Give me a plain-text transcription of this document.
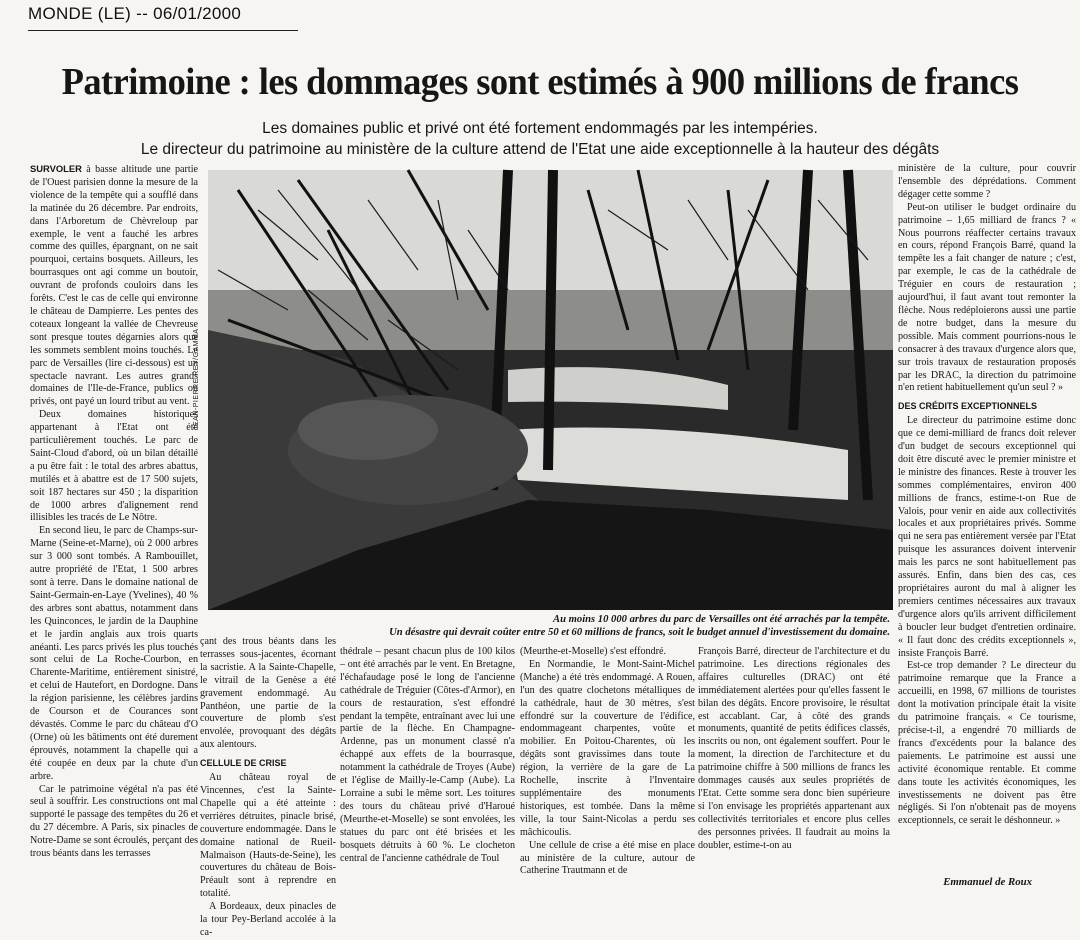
MONDE (LE) -- 06/01/2000
Patrimoine : les dommages sont estimés à 900 millions de francs
Les domaines public et privé ont été fortement endommagés par les intempéries.
Le directeur du patrimoine au ministère de la culture attend de l'Etat une aide exceptionnelle à la hauteur des dégâts

SURVOLER à basse altitude une partie de l'Ouest parisien donne la mesure de la violence de la tempête qui a soufflé dans la matinée du 26 décembre. Par endroits, dans l'Arboretum de Chèvreloup par exemple, le vent a fauché les arbres comme des quilles, épargnant, on ne sait pourquoi, certains bosquets. Ailleurs, les bourrasques ont agi comme un boutoir, ouvrant de profonds couloirs dans les forêts. C'est le cas de celle qui environne le château de Dampierre. Les pentes des coteaux longeant la vallée de Chevreuse sont presque toutes dégarnies alors que les sommets semblent moins touchés. Le parc de Versailles (lire ci-dessous) est un spectacle navrant. Les autres grands domaines de l'Ile-de-France, publics ou privés, ont payé un lourd tribut au vent.

Deux domaines historiques appartenant à l'Etat ont été particulièrement touchés. Le parc de Saint-Cloud d'abord, où un bilan détaillé a pu être fait : le total des arbres abattus, mutilés et à abattre est de 17 500 sujets, soit 187 hectares sur 450 ; la disparition de 1000 arbres d'alignement rend illisibles les tracés de Le Nôtre.

En second lieu, le parc de Champs-sur-Marne (Seine-et-Marne), où 2 000 arbres sur 3 000 sont tombés. A Rambouillet, autre propriété de l'Etat, 1 500 arbres sont à terre. Dans le domaine national de Saint-Germain-en-Laye (Yvelines), 40 % des arbres sont abattus, notamment dans les Quinconces, le jardin de la Dauphine et le jardin anglais aux trois quarts anéanti. Les parcs privés les plus touchés sont celui de La Roche-Courbon, en Charente-Maritime, entièrement sinistré, et celui de Hautefort, en Dordogne. Dans la région parisienne, les célèbres jardins de Courson et de Courances sont dévastés. Comme le parc du château d'O (Orne) où les bâtiments ont été durement éprouvés, notamment la chapelle qui a été coupée en deux par la chute d'un arbre.

Car le patrimoine végétal n'a pas été seul à souffrir. Les constructions ont mal supporté le passage des tempêtes du 26 et du 27 décembre. A Paris, six pinacles de Notre-Dame se sont écroulés, perçant des trous béants dans les terrasses

JEAN-PIERRE REY/GAMMA
Au moins 10 000 arbres du parc de Versailles ont été arrachés par la tempête.
Un désastre qui devrait coûter entre 50 et 60 millions de francs, soit le budget annuel d'investissement du domaine.

çant des trous béants dans les terrasses sous-jacentes, écornant la sacristie. A la Sainte-Chapelle, le vitrail de la Genèse a été gravement endommagé. Au Panthéon, une partie de la couverture de plomb s'est envolée, provoquant des dégâts aux alentours.

CELLULE DE CRISE

Au château royal de Vincennes, c'est la Sainte-Chapelle qui a été atteinte : verrières détruites, pinacle brisé, couverture endommagée. Dans le domaine national de Rueil-Malmaison (Hauts-de-Seine), les couvertures du château de Bois-Préault sont à reprendre en totalité.

A Bordeaux, deux pinacles de la tour Pey-Berland accolée à la ca-

thédrale – pesant chacun plus de 100 kilos – ont été arrachés par le vent. En Bretagne, l'échafaudage posé le long de l'ancienne cathédrale de Tréguier (Côtes-d'Armor), en cours de restauration, s'est effondré pendant la tempête, entraînant avec lui une partie de la flèche. En Champagne-Ardenne, pas un monument classé n'a échappé aux effets de la bourrasque, notamment la cathédrale de Troyes (Aube) et l'église de Mailly-le-Camp (Aube). La Lorraine a subi le même sort. Les toitures des tours du château privé d'Haroué (Meurthe-et-Moselle) se sont envolées, les statues du parc ont été brisées et les bosquets détruits à 60 %. Le clocheton central de l'ancienne cathédrale de Toul

(Meurthe-et-Moselle) s'est effondré.

En Normandie, le Mont-Saint-Michel (Manche) a été très endommagé. A Rouen, l'un des quatre clochetons métalliques de la cathédrale, haut de 30 mètres, s'est effondré sur la couverture de l'édifice, endommageant charpentes, voûte et mobilier. En Poitou-Charentes, où les dégâts sont gravissimes dans toute la région, la verrière de la gare de La Rochelle, inscrite à l'Inventaire supplémentaire des monuments historiques, est tombée. Dans la même ville, la tour Saint-Nicolas a perdu ses mâchicoulis.

Une cellule de crise a été mise en place au ministère de la culture, autour de Catherine Trautmann et de

François Barré, directeur de l'architecture et du patrimoine. Les directions régionales des affaires culturelles (DRAC) ont été immédiatement alertées pour qu'elles fassent le bilan des dégâts. Encore provisoire, le résultat est accablant. Car, à côté des grands monuments, quantité de petits édifices classés, inscrits ou non, ont également souffert. Pour le moment, la direction de l'architecture et du patrimoine chiffre à 500 millions de francs les dommages causés aux seules propriétés de l'Etat. Cette somme sera donc bien supérieure si l'on envisage les propriétés appartenant aux collectivités territoriales et encore plus celles des personnes privées. Il faudrait au moins la doubler, estime-t-on au

ministère de la culture, pour couvrir l'ensemble des déprédations. Comment dégager cette somme ?

Peut-on utiliser le budget ordinaire du patrimoine – 1,65 milliard de francs ? « Nous pourrons réaffecter certains travaux en cours, répond François Barré, quand la tempête les a fait changer de nature ; c'est, par exemple, le cas de la cathédrale de Tréguier en cours de restauration ; aujourd'hui, il faut avant tout remonter la flèche. Nous redéploierons aussi une partie de notre budget, dans la mesure du possible. Mais comment pourrions-nous le consacrer à des travaux d'urgence alors que, sur trois travaux de restauration proposés par les DRAC, la direction du patrimoine n'en retient habituellement qu'un seul ? »

DES CRÉDITS EXCEPTIONNELS

Le directeur du patrimoine estime donc que ce demi-milliard de francs doit relever d'un budget de secours exceptionnel qui doit être discuté avec le premier ministre et le ministre des finances. Reste à trouver les sommes complémentaires, environ 400 millions de francs, estime-t-on Rue de Valois, pour venir en aide aux collectivités locales et aux propriétaires privés. Somme qui ne sera pas entièrement versée par l'Etat puisque les assurances doivent intervenir mais les parcs ne sont habituellement pas assurés. Enfin, dans bien des cas, ces propriétaires auront du mal à aligner les premiers centimes nécessaires aux travaux d'urgence alors qu'ils arrivent difficilement à boucler leur budget d'entretien ordinaire. « Il faut donc des crédits exceptionnels », insiste François Barré.

Est-ce trop demander ? Le directeur du patrimoine remarque que la France a accueilli, en 1998, 67 millions de touristes dont la motivation principale était la visite du patrimoine français. « Ce tourisme, précise-t-il, a engendré 70 milliards de francs d'excédents pour la balance des paiements. Le patrimoine est aussi une activité économique rentable. Et comme dans toute les activités économiques, les investissements ne doivent pas être négligés. Si l'on n'obtenait pas de moyens exceptionnels, ce serait le déshonneur. »

Emmanuel de Roux
